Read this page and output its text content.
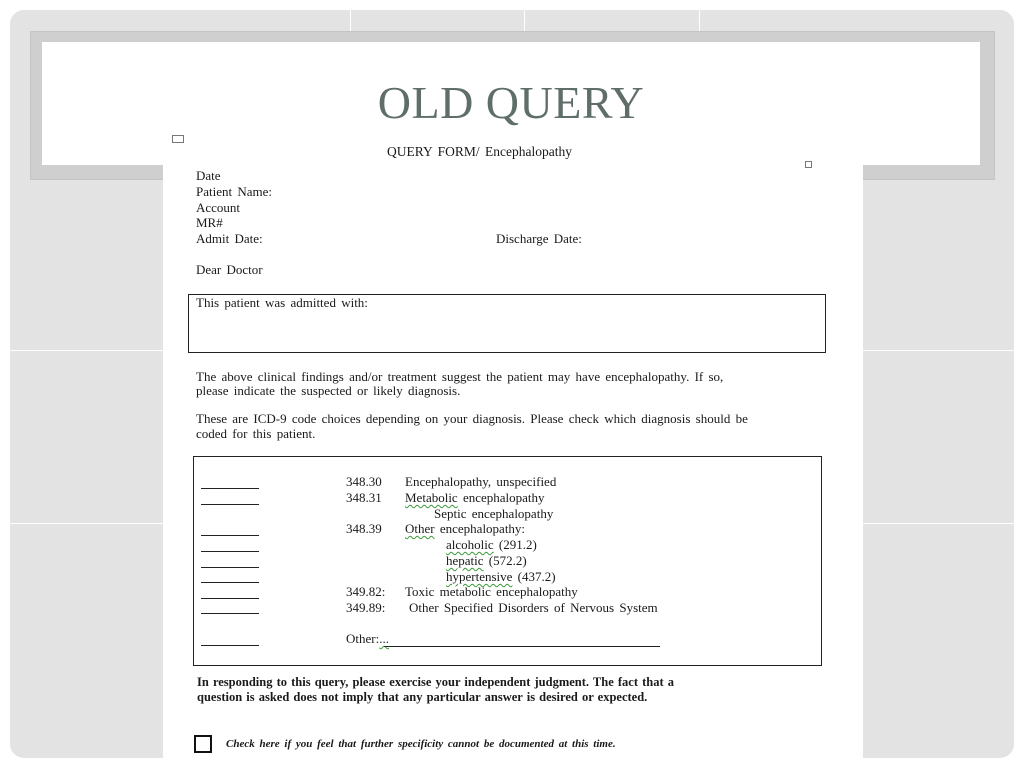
OLD QUERY
QUERY FORM/ Encephalopathy
Date
Patient Name:
Account
MR#
Admit Date:	Discharge Date:
Dear Doctor
This patient was admitted with:
The above clinical findings and/or treatment suggest the patient may have encephalopathy. If so,
please indicate the suspected or likely diagnosis.
These are ICD-9 code choices depending on your diagnosis. Please check which diagnosis should be
coded for this patient.
348.30 Encephalopathy, unspecified
348.31 Metabolic encephalopathy
Septic encephalopathy
348.39 Other encephalopathy:
alcoholic (291.2)
hepatic (572.2)
hypertensive (437.2)
349.82: Toxic metabolic encephalopathy
349.89: Other Specified Disorders of Nervous System
Other:...
In responding to this query, please exercise your independent judgment. The fact that a
question is asked does not imply that any particular answer is desired or expected.
Check here if you feel that further specificity cannot be documented at this time.
